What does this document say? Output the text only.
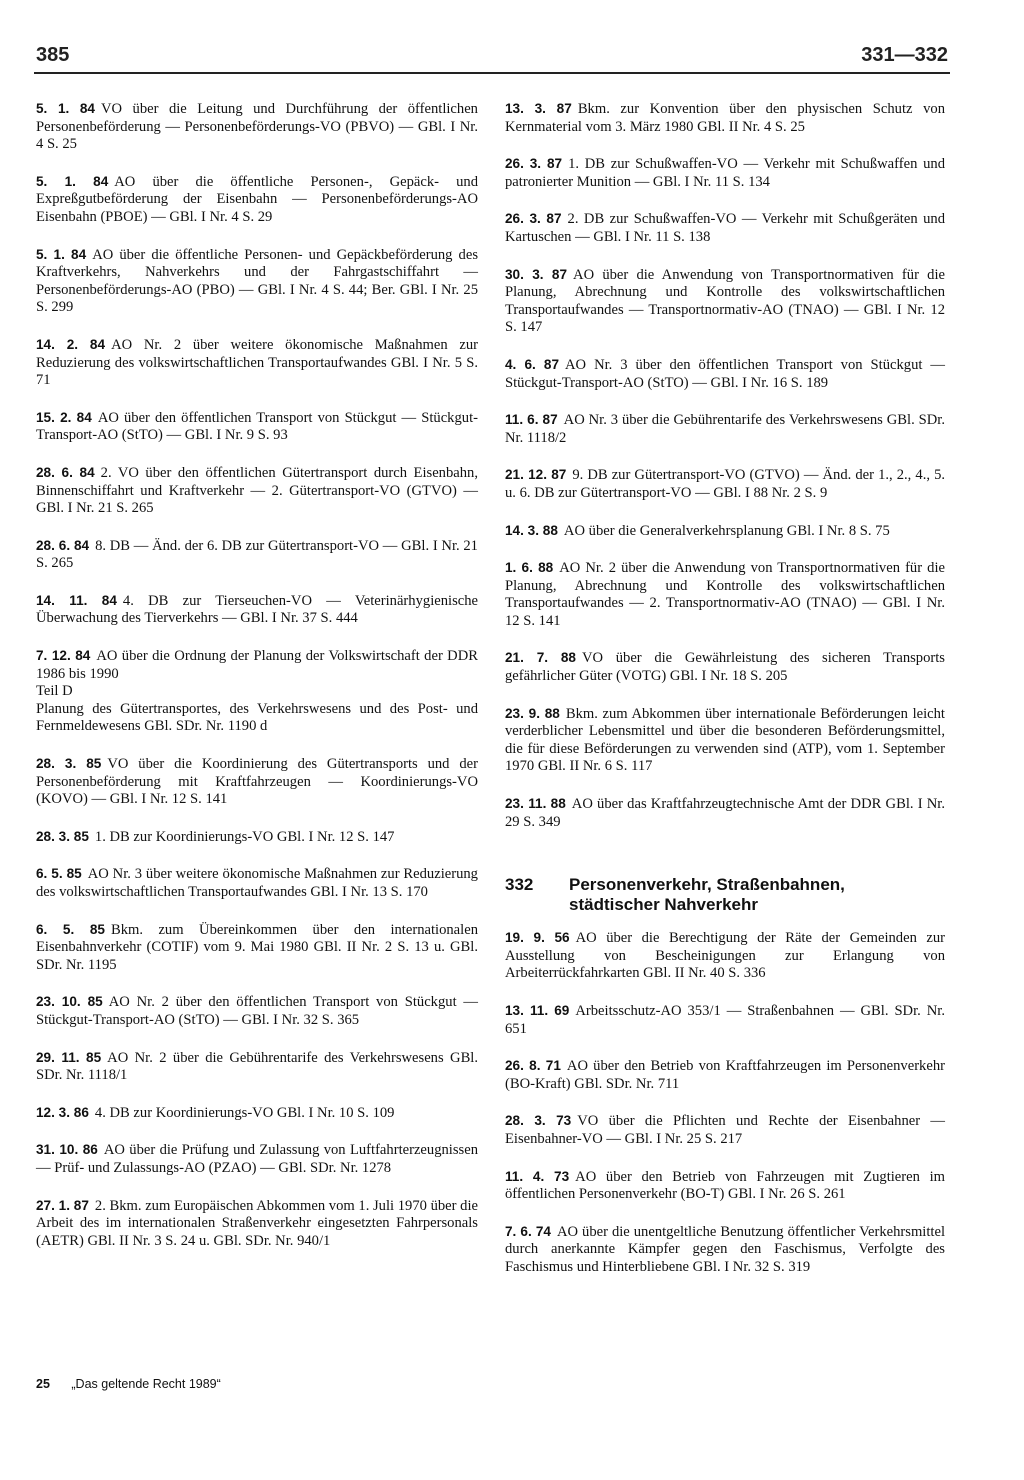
385	331—332
5. 1. 84 VO über die Leitung und Durchführung der öffentlichen Personenbeförderung — Personenbeförderungs-VO (PBVO) — GBl. I Nr. 4 S. 25
5. 1. 84 AO über die öffentliche Personen-, Gepäck- und Expreßgutbeförderung der Eisenbahn — Personenbeförderungs-AO Eisenbahn (PBOE) — GBl. I Nr. 4 S. 29
5. 1. 84 AO über die öffentliche Personen- und Gepäckbeförderung des Kraftverkehrs, Nahverkehrs und der Fahrgastschiffahrt — Personenbeförderungs-AO (PBO) — GBl. I Nr. 4 S. 44; Ber. GBl. I Nr. 25 S. 299
14. 2. 84 AO Nr. 2 über weitere ökonomische Maßnahmen zur Reduzierung des volkswirtschaftlichen Transportaufwandes GBl. I Nr. 5 S. 71
15. 2. 84 AO über den öffentlichen Transport von Stückgut — Stückgut-Transport-AO (StTO) — GBl. I Nr. 9 S. 93
28. 6. 84 2. VO über den öffentlichen Gütertransport durch Eisenbahn, Binnenschiffahrt und Kraftverkehr — 2. Gütertransport-VO (GTVO) — GBl. I Nr. 21 S. 265
28. 6. 84 8. DB — Änd. der 6. DB zur Gütertransport-VO — GBl. I Nr. 21 S. 265
14. 11. 84 4. DB zur Tierseuchen-VO — Veterinärhygienische Überwachung des Tierverkehrs — GBl. I Nr. 37 S. 444
7. 12. 84 AO über die Ordnung der Planung der Volkswirtschaft der DDR 1986 bis 1990
Teil D
Planung des Gütertransportes, des Verkehrswesens und des Post- und Fernmeldewesens GBl. SDr. Nr. 1190 d
28. 3. 85 VO über die Koordinierung des Gütertransports und der Personenbeförderung mit Kraftfahrzeugen — Koordinierungs-VO (KOVO) — GBl. I Nr. 12 S. 141
28. 3. 85 1. DB zur Koordinierungs-VO GBl. I Nr. 12 S. 147
6. 5. 85 AO Nr. 3 über weitere ökonomische Maßnahmen zur Reduzierung des volkswirtschaftlichen Transportaufwandes GBl. I Nr. 13 S. 170
6. 5. 85 Bkm. zum Übereinkommen über den internationalen Eisenbahnverkehr (COTIF) vom 9. Mai 1980 GBl. II Nr. 2 S. 13 u. GBl. SDr. Nr. 1195
23. 10. 85 AO Nr. 2 über den öffentlichen Transport von Stückgut — Stückgut-Transport-AO (StTO) — GBl. I Nr. 32 S. 365
29. 11. 85 AO Nr. 2 über die Gebührentarife des Verkehrswesens GBl. SDr. Nr. 1118/1
12. 3. 86 4. DB zur Koordinierungs-VO GBl. I Nr. 10 S. 109
31. 10. 86 AO über die Prüfung und Zulassung von Luftfahrterzeugnissen — Prüf- und Zulassungs-AO (PZAO) — GBl. SDr. Nr. 1278
27. 1. 87 2. Bkm. zum Europäischen Abkommen vom 1. Juli 1970 über die Arbeit des im internationalen Straßenverkehr eingesetzten Fahrpersonals (AETR) GBl. II Nr. 3 S. 24 u. GBl. SDr. Nr. 940/1
13. 3. 87 Bkm. zur Konvention über den physischen Schutz von Kernmaterial vom 3. März 1980 GBl. II Nr. 4 S. 25
26. 3. 87 1. DB zur Schußwaffen-VO — Verkehr mit Schußwaffen und patronierter Munition — GBl. I Nr. 11 S. 134
26. 3. 87 2. DB zur Schußwaffen-VO — Verkehr mit Schußgeräten und Kartuschen — GBl. I Nr. 11 S. 138
30. 3. 87 AO über die Anwendung von Transportnormativen für die Planung, Abrechnung und Kontrolle des volkswirtschaftlichen Transportaufwandes — Transportnormativ-AO (TNAO) — GBl. I Nr. 12 S. 147
4. 6. 87 AO Nr. 3 über den öffentlichen Transport von Stückgut — Stückgut-Transport-AO (StTO) — GBl. I Nr. 16 S. 189
11. 6. 87 AO Nr. 3 über die Gebührentarife des Verkehrswesens GBl. SDr. Nr. 1118/2
21. 12. 87 9. DB zur Gütertransport-VO (GTVO) — Änd. der 1., 2., 4., 5. u. 6. DB zur Gütertransport-VO — GBl. I 88 Nr. 2 S. 9
14. 3. 88 AO über die Generalverkehrsplanung GBl. I Nr. 8 S. 75
1. 6. 88 AO Nr. 2 über die Anwendung von Transportnormativen für die Planung, Abrechnung und Kontrolle des volkswirtschaftlichen Transportaufwandes — 2. Transportnormativ-AO (TNAO) — GBl. I Nr. 12 S. 141
21. 7. 88 VO über die Gewährleistung des sicheren Transports gefährlicher Güter (VOTG) GBl. I Nr. 18 S. 205
23. 9. 88 Bkm. zum Abkommen über internationale Beförderungen leicht verderblicher Lebensmittel und über die besonderen Beförderungsmittel, die für diese Beförderungen zu verwenden sind (ATP), vom 1. September 1970 GBl. II Nr. 6 S. 117
23. 11. 88 AO über das Kraftfahrzeugtechnische Amt der DDR GBl. I Nr. 29 S. 349
332	Personenverkehr, Straßenbahnen,
städtischer Nahverkehr
19. 9. 56 AO über die Berechtigung der Räte der Gemeinden zur Ausstellung von Bescheinigungen zur Erlangung von Arbeiterrückfahrkarten GBl. II Nr. 40 S. 336
13. 11. 69 Arbeitsschutz-AO 353/1 — Straßenbahnen — GBl. SDr. Nr. 651
26. 8. 71 AO über den Betrieb von Kraftfahrzeugen im Personenverkehr (BO-Kraft) GBl. SDr. Nr. 711
28. 3. 73 VO über die Pflichten und Rechte der Eisenbahner — Eisenbahner-VO — GBl. I Nr. 25 S. 217
11. 4. 73 AO über den Betrieb von Fahrzeugen mit Zugtieren im öffentlichen Personenverkehr (BO-T) GBl. I Nr. 26 S. 261
7. 6. 74 AO über die unentgeltliche Benutzung öffentlicher Verkehrsmittel durch anerkannte Kämpfer gegen den Faschismus, Verfolgte des Faschismus und Hinterbliebene GBl. I Nr. 32 S. 319
25 „Das geltende Recht 1989“
